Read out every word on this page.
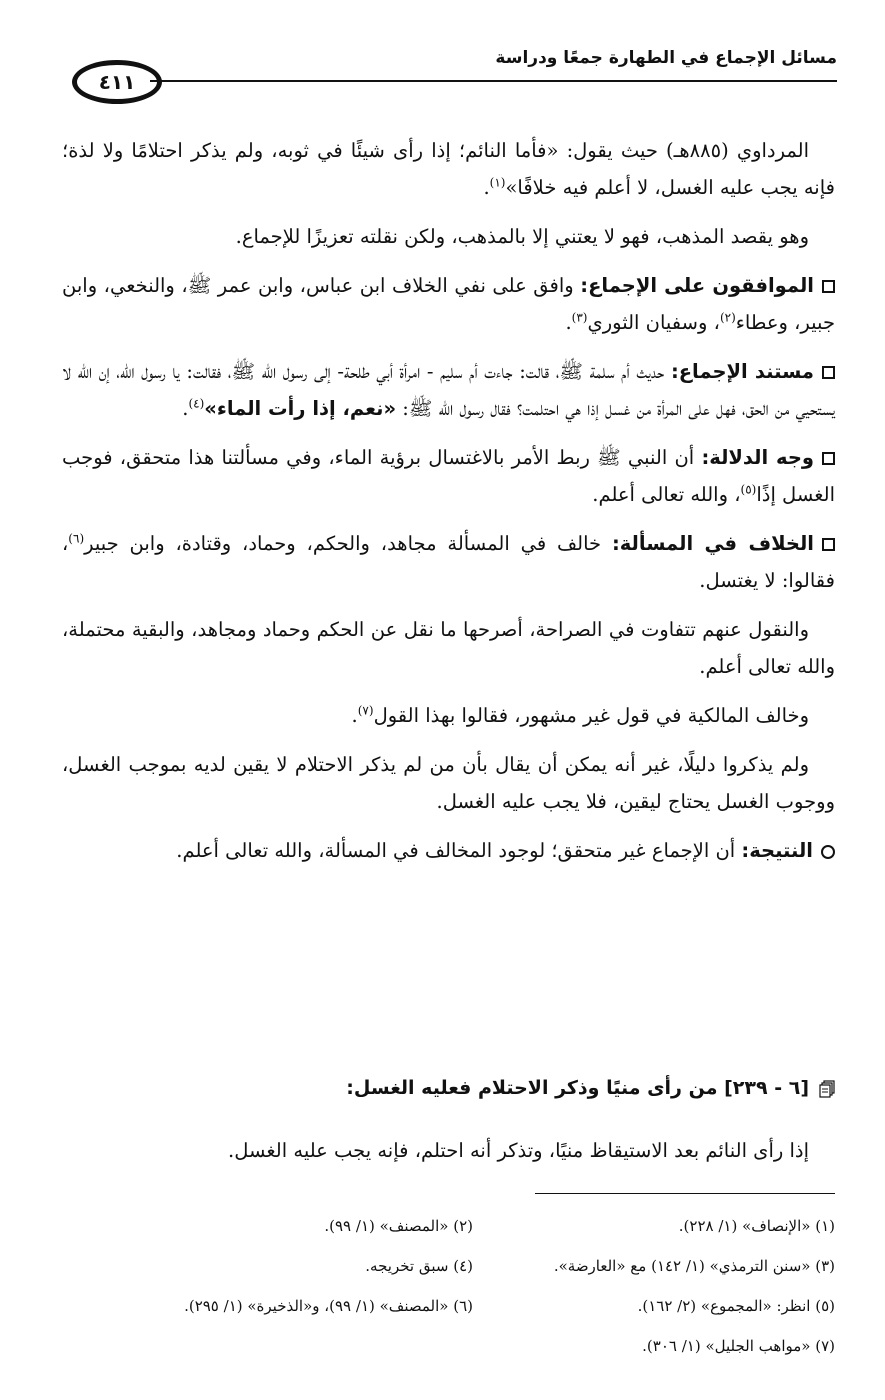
مسائل الإجماع في الطهارة جمعًا ودراسة
٤١١

المرداوي (٨٨٥هـ) حيث يقول: «فأما النائم؛ إذا رأى شيئًا في ثوبه، ولم يذكر احتلامًا ولا لذة؛ فإنه يجب عليه الغسل، لا أعلم فيه خلافًا»$^{(١)}$.

وهو يقصد المذهب، فهو لا يعتني إلا بالمذهب، ولكن نقلته تعزيزًا للإجماع.

الموافقون على الإجماع: وافق على نفي الخلاف ابن عباس، وابن عمر ﷺ، والنخعي، وابن جبير، وعطاء$^{(٢)}$، وسفيان الثوري$^{(٣)}$.

مستند الإجماع: حديث أم سلمة ﷺ، قالت: جاءت أم سليم - امرأة أبي طلحة- إلى رسول الله ﷺ، فقالت: يا رسول الله، إن الله لا يستحيي من الحق، فهل على المرأة من غسل إذا هي احتلمت؟ فقال رسول الله ﷺ: «نعم، إذا رأت الماء»$^{(٤)}$.

وجه الدلالة: أن النبي ﷺ ربط الأمر بالاغتسال برؤية الماء، وفي مسألتنا هذا متحقق، فوجب الغسل إذًا$^{(٥)}$، والله تعالى أعلم.

الخلاف في المسألة: خالف في المسألة مجاهد، والحكم، وحماد، وقتادة، وابن جبير$^{(٦)}$، فقالوا: لا يغتسل.

والنقول عنهم تتفاوت في الصراحة، أصرحها ما نقل عن الحكم وحماد ومجاهد، والبقية محتملة، والله تعالى أعلم.

وخالف المالكية في قول غير مشهور، فقالوا بهذا القول$^{(٧)}$.

ولم يذكروا دليلًا، غير أنه يمكن أن يقال بأن من لم يذكر الاحتلام لا يقين لديه بموجب الغسل، ووجوب الغسل يحتاج ليقين، فلا يجب عليه الغسل.

النتيجة: أن الإجماع غير متحقق؛ لوجود المخالف في المسألة، والله تعالى أعلم.

[٦ - ٢٣٩] من رأى منيًا وذكر الاحتلام فعليه الغسل:
إذا رأى النائم بعد الاستيقاظ منيًا، وتذكر أنه احتلم، فإنه يجب عليه الغسل.
(١) «الإنصاف» (١/ ٢٢٨).
(٢) «المصنف» (١/ ٩٩).
(٣) «سنن الترمذي» (١/ ١٤٢) مع «العارضة».
(٤) سبق تخريجه.
(٥) انظر: «المجموع» (٢/ ١٦٢).
(٦) «المصنف» (١/ ٩٩)، و«الذخيرة» (١/ ٢٩٥).
(٧) «مواهب الجليل» (١/ ٣٠٦).
